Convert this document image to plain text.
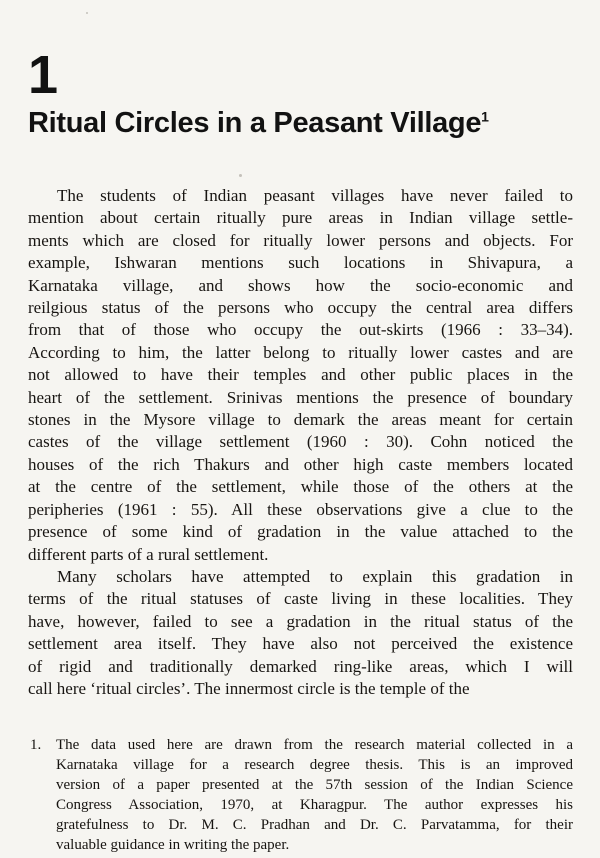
1
Ritual Circles in a Peasant Village$^1$
The students of Indian peasant villages have never failed to
mention about certain ritually pure areas in Indian village settle-
ments which are closed for ritually lower persons and objects. For
example, Ishwaran mentions such locations in Shivapura, a
Karnataka village, and shows how the socio-economic and
reilgious status of the persons who occupy the central area differs
from that of those who occupy the out-skirts (1966 : 33–34).
According to him, the latter belong to ritually lower castes and are
not allowed to have their temples and other public places in the
heart of the settlement. Srinivas mentions the presence of boundary
stones in the Mysore village to demark the areas meant for certain
castes of the village settlement (1960 : 30). Cohn noticed the
houses of the rich Thakurs and other high caste members located
at the centre of the settlement, while those of the others at the
peripheries (1961 : 55). All these observations give a clue to the
presence of some kind of gradation in the value attached to the
different parts of a rural settlement.
Many scholars have attempted to explain this gradation in
terms of the ritual statuses of caste living in these localities. They
have, however, failed to see a gradation in the ritual status of the
settlement area itself. They have also not perceived the existence
of rigid and traditionally demarked ring-like areas, which I will
call here ‘ritual circles’. The innermost circle is the temple of the
1. The data used here are drawn from the research material collected in a
Karnataka village for a research degree thesis. This is an improved
version of a paper presented at the 57th session of the Indian Science
Congress Association, 1970, at Kharagpur. The author expresses his
gratefulness to Dr. M. C. Pradhan and Dr. C. Parvatamma, for their
valuable guidance in writing the paper.
